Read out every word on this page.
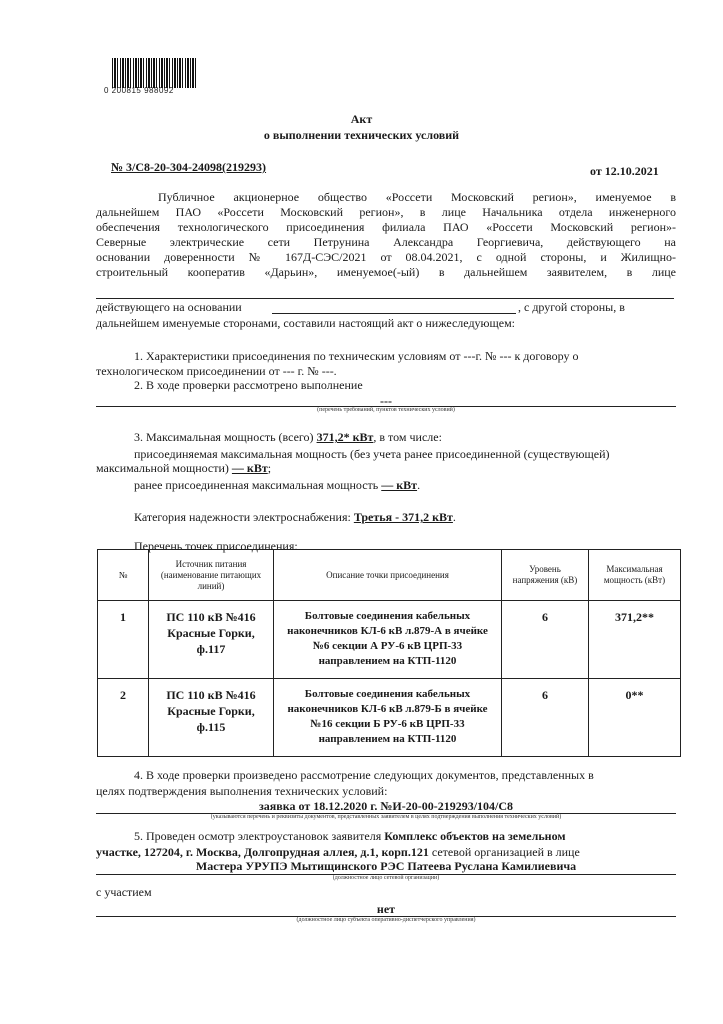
0 200815 988092
Акт
о выполнении технических условий
№ 3/С8-20-304-24098(219293)	от 12.10.2021
Публичное акционерное общество «Россети Московский регион», именуемое в
дальнейшем ПАО «Россети Московский регион», в лице Начальника отдела инженерного
обеспечения технологического присоединения филиала ПАО «Россети Московский регион»-
Северные электрические сети Петрунина Александра Георгиевича, действующего на
основании доверенности № 167Д-СЭС/2021 от 08.04.2021, с одной стороны, и Жилищно-
строительный кооператив «Дарьин», именуемое(-ый) в дальнейшем заявителем, в лице
действующего на основании	, с другой стороны, в
дальнейшем именуемые сторонами, составили настоящий акт о нижеследующем:
1. Характеристики присоединения по техническим условиям от ---г. № --- к договору о
технологическом присоединении от --- г. № ---.
2. В ходе проверки рассмотрено выполнение
---
(перечень требований, пунктов технических условий)
3. Максимальная мощность (всего) 371,2* кВт, в том числе:
присоединяемая максимальная мощность (без учета ранее присоединенной (существующей)
максимальной мощности) — кВт;
ранее присоединенная максимальная мощность — кВт.
Категория надежности электроснабжения: Третья - 371,2 кВт.
Перечень точек присоединения:
№	Источник питания (наименование питающих линий)	Описание точки присоединения	Уровень напряжения (кВ)	Максимальная мощность (кВт)
1	ПС 110 кВ №416 Красные Горки, ф.117	Болтовые соединения кабельных наконечников КЛ-6 кВ л.879-А в ячейке №6 секции А РУ-6 кВ ЦРП-33 направлением на КТП-1120	6	371,2**
2	ПС 110 кВ №416 Красные Горки, ф.115	Болтовые соединения кабельных наконечников КЛ-6 кВ л.879-Б в ячейке №16 секции Б РУ-6 кВ ЦРП-33 направлением на КТП-1120	6	0**
4. В ходе проверки произведено рассмотрение следующих документов, представленных в
целях подтверждения выполнения технических условий:
заявка от 18.12.2020 г. №И-20-00-219293/104/С8
(указываются перечень и реквизиты документов, представленных заявителем в целях подтверждения выполнения технических условий)
5. Проведен осмотр электроустановок заявителя Комплекс объектов на земельном
участке, 127204, г. Москва, Долгопрудная аллея, д.1, корп.121 сетевой организацией в лице
Мастера УРУПЭ Мытищинского РЭС Патеева Руслана Камилиевича
(должностное лицо сетевой организации)
с участием
нет
(должностное лицо субъекта оперативно-диспетчерского управления)
